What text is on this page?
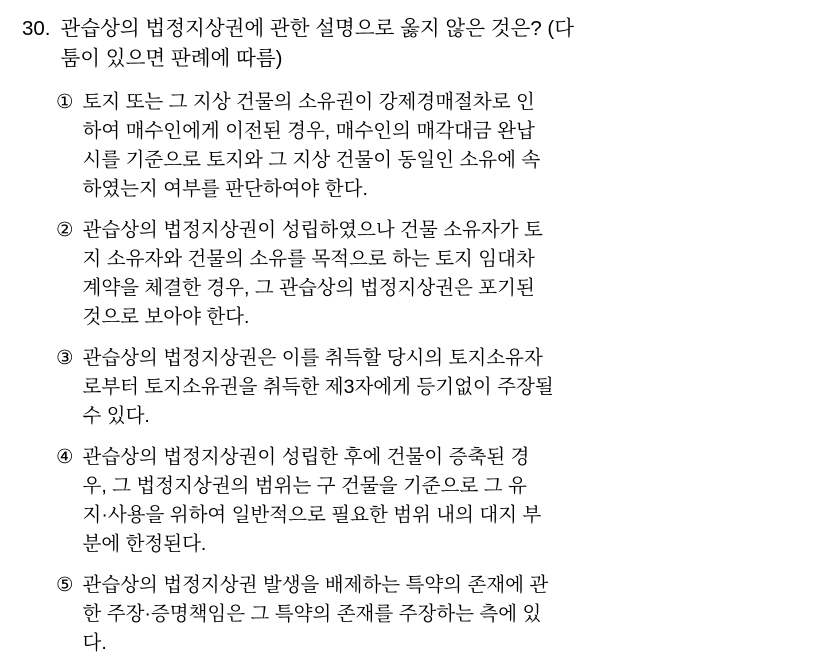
30. 관습상의 법정지상권에 관한 설명으로 옳지 않은 것은? (다
툼이 있으면 판례에 따름)
① 토지 또는 그 지상 건물의 소유권이 강제경매절차로 인
하여 매수인에게 이전된 경우, 매수인의 매각대금 완납
시를 기준으로 토지와 그 지상 건물이 동일인 소유에 속
하였는지 여부를 판단하여야 한다.
② 관습상의 법정지상권이 성립하였으나 건물 소유자가 토
지 소유자와 건물의 소유를 목적으로 하는 토지 임대차
계약을 체결한 경우, 그 관습상의 법정지상권은 포기된
것으로 보아야 한다.
③ 관습상의 법정지상권은 이를 취득할 당시의 토지소유자
로부터 토지소유권을 취득한 제3자에게 등기없이 주장될
수 있다.
④ 관습상의 법정지상권이 성립한 후에 건물이 증축된 경
우, 그 법정지상권의 범위는 구 건물을 기준으로 그 유
지·사용을 위하여 일반적으로 필요한 범위 내의 대지 부
분에 한정된다.
⑤ 관습상의 법정지상권 발생을 배제하는 특약의 존재에 관
한 주장·증명책임은 그 특약의 존재를 주장하는 측에 있
다.
